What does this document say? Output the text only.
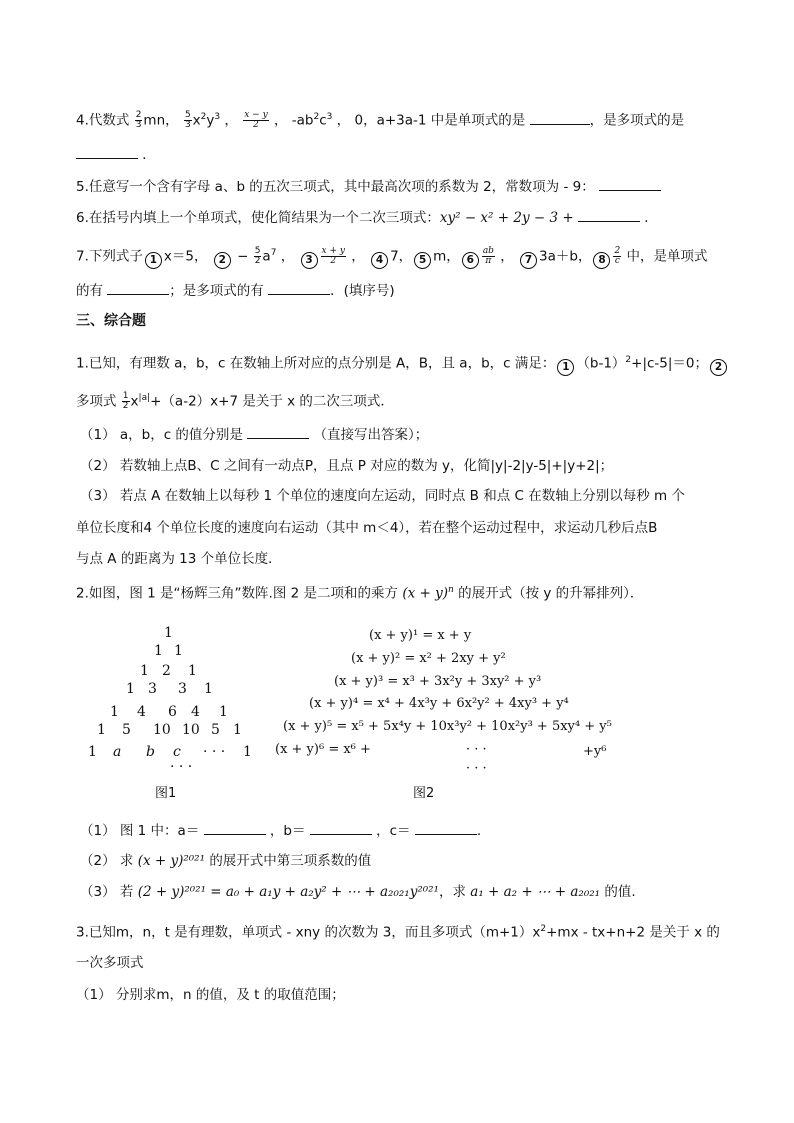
4.代数式 $\frac{2}{3}$ mn， $\frac{5}{3} x^2y^3$ ， $\frac{x - y}{2}$ ， $-ab^2c^3$ ， 0，a+3a-1 中是单项式的是	，是多项式的是
．
5.任意写一个含有字母 a、b 的五次三项式，其中最高次项的系数为 2，常数项为 - 9：
6.在括号内填上一个单项式，使化简结果为一个二次三项式：xy² − x² + 2y − 3 +	．
7.下列式子 1 x＝5， $2 - \frac{5}{2} a^7$ ， $3 \frac{x + y}{2}$ ， 4 7， 5 m， $6 \frac{ab}{\pi}$ ， 7 3a＋b， $8 \frac{2}{c}$ 中，是单项式
的有	；是多项式的有	．(填序号)
三、综合题
1.已知，有理数 a，b，c 在数轴上所对应的点分别是 A，B，且 a，b，c 满足： 1 $(b-1)^2+|c-5|=0$； 2
多项式 $\frac{1}{2} x^{|a|}+(a-2)x+7$ 是关于 x 的二次三项式．
（1） a，b，c 的值分别是	（直接写出答案）；
（2） 若数轴上点B、C 之间有一动点P，且点 P 对应的数为 y，化简|y|-2|y-5|+|y+2|；
（3） 若点 A 在数轴上以每秒 1 个单位的速度向左运动，同时点 B 和点 C 在数轴上分别以每秒 m 个
单位长度和4 个单位长度的速度向右运动（其中 m＜4），若在整个运动过程中，求运动几秒后点B
与点 A 的距离为 13 个单位长度．
2.如图，图 1 是“杨辉三角”数阵.图 2 是二项和的乘方 $(x + y)^n$ 的展开式（按 y 的升幂排列）．
1
1 1
1 2 1
1 3 3 1
1 4 6 4 1
1 5 10 10 5 1
1 a b c · · · 1
· · ·
图1
(x + y)¹ = x + y
(x + y)² = x² + 2xy + y²
(x + y)³ = x³ + 3x²y + 3xy² + y³
(x + y)⁴ = x⁴ + 4x³y + 6x²y² + 4xy³ + y⁴
(x + y)⁵ = x⁵ + 5x⁴y + 10x³y² + 10x²y³ + 5xy⁴ + y⁵
(x + y)⁶ = x⁶ +	· · ·	+y⁶
· · ·
图2
（1） 图 1 中：a＝	，b＝	，c＝	.
（2） 求 (x + y)²⁰²¹ 的展开式中第三项系数的值
（3） 若 (2 + y)²⁰²¹ = a₀ + a₁y + a₂y² + ⋯ + a₂₀₂₁y²⁰²¹，求 a₁ + a₂ + ⋯ + a₂₀₂₁ 的值.
3.已知m，n，t 是有理数，单项式 - xny 的次数为 3，而且多项式$(m+1)x^2+mx - tx+n+2$ 是关于 x 的
一次多项式
（1） 分别求m，n 的值，及 t 的取值范围；
